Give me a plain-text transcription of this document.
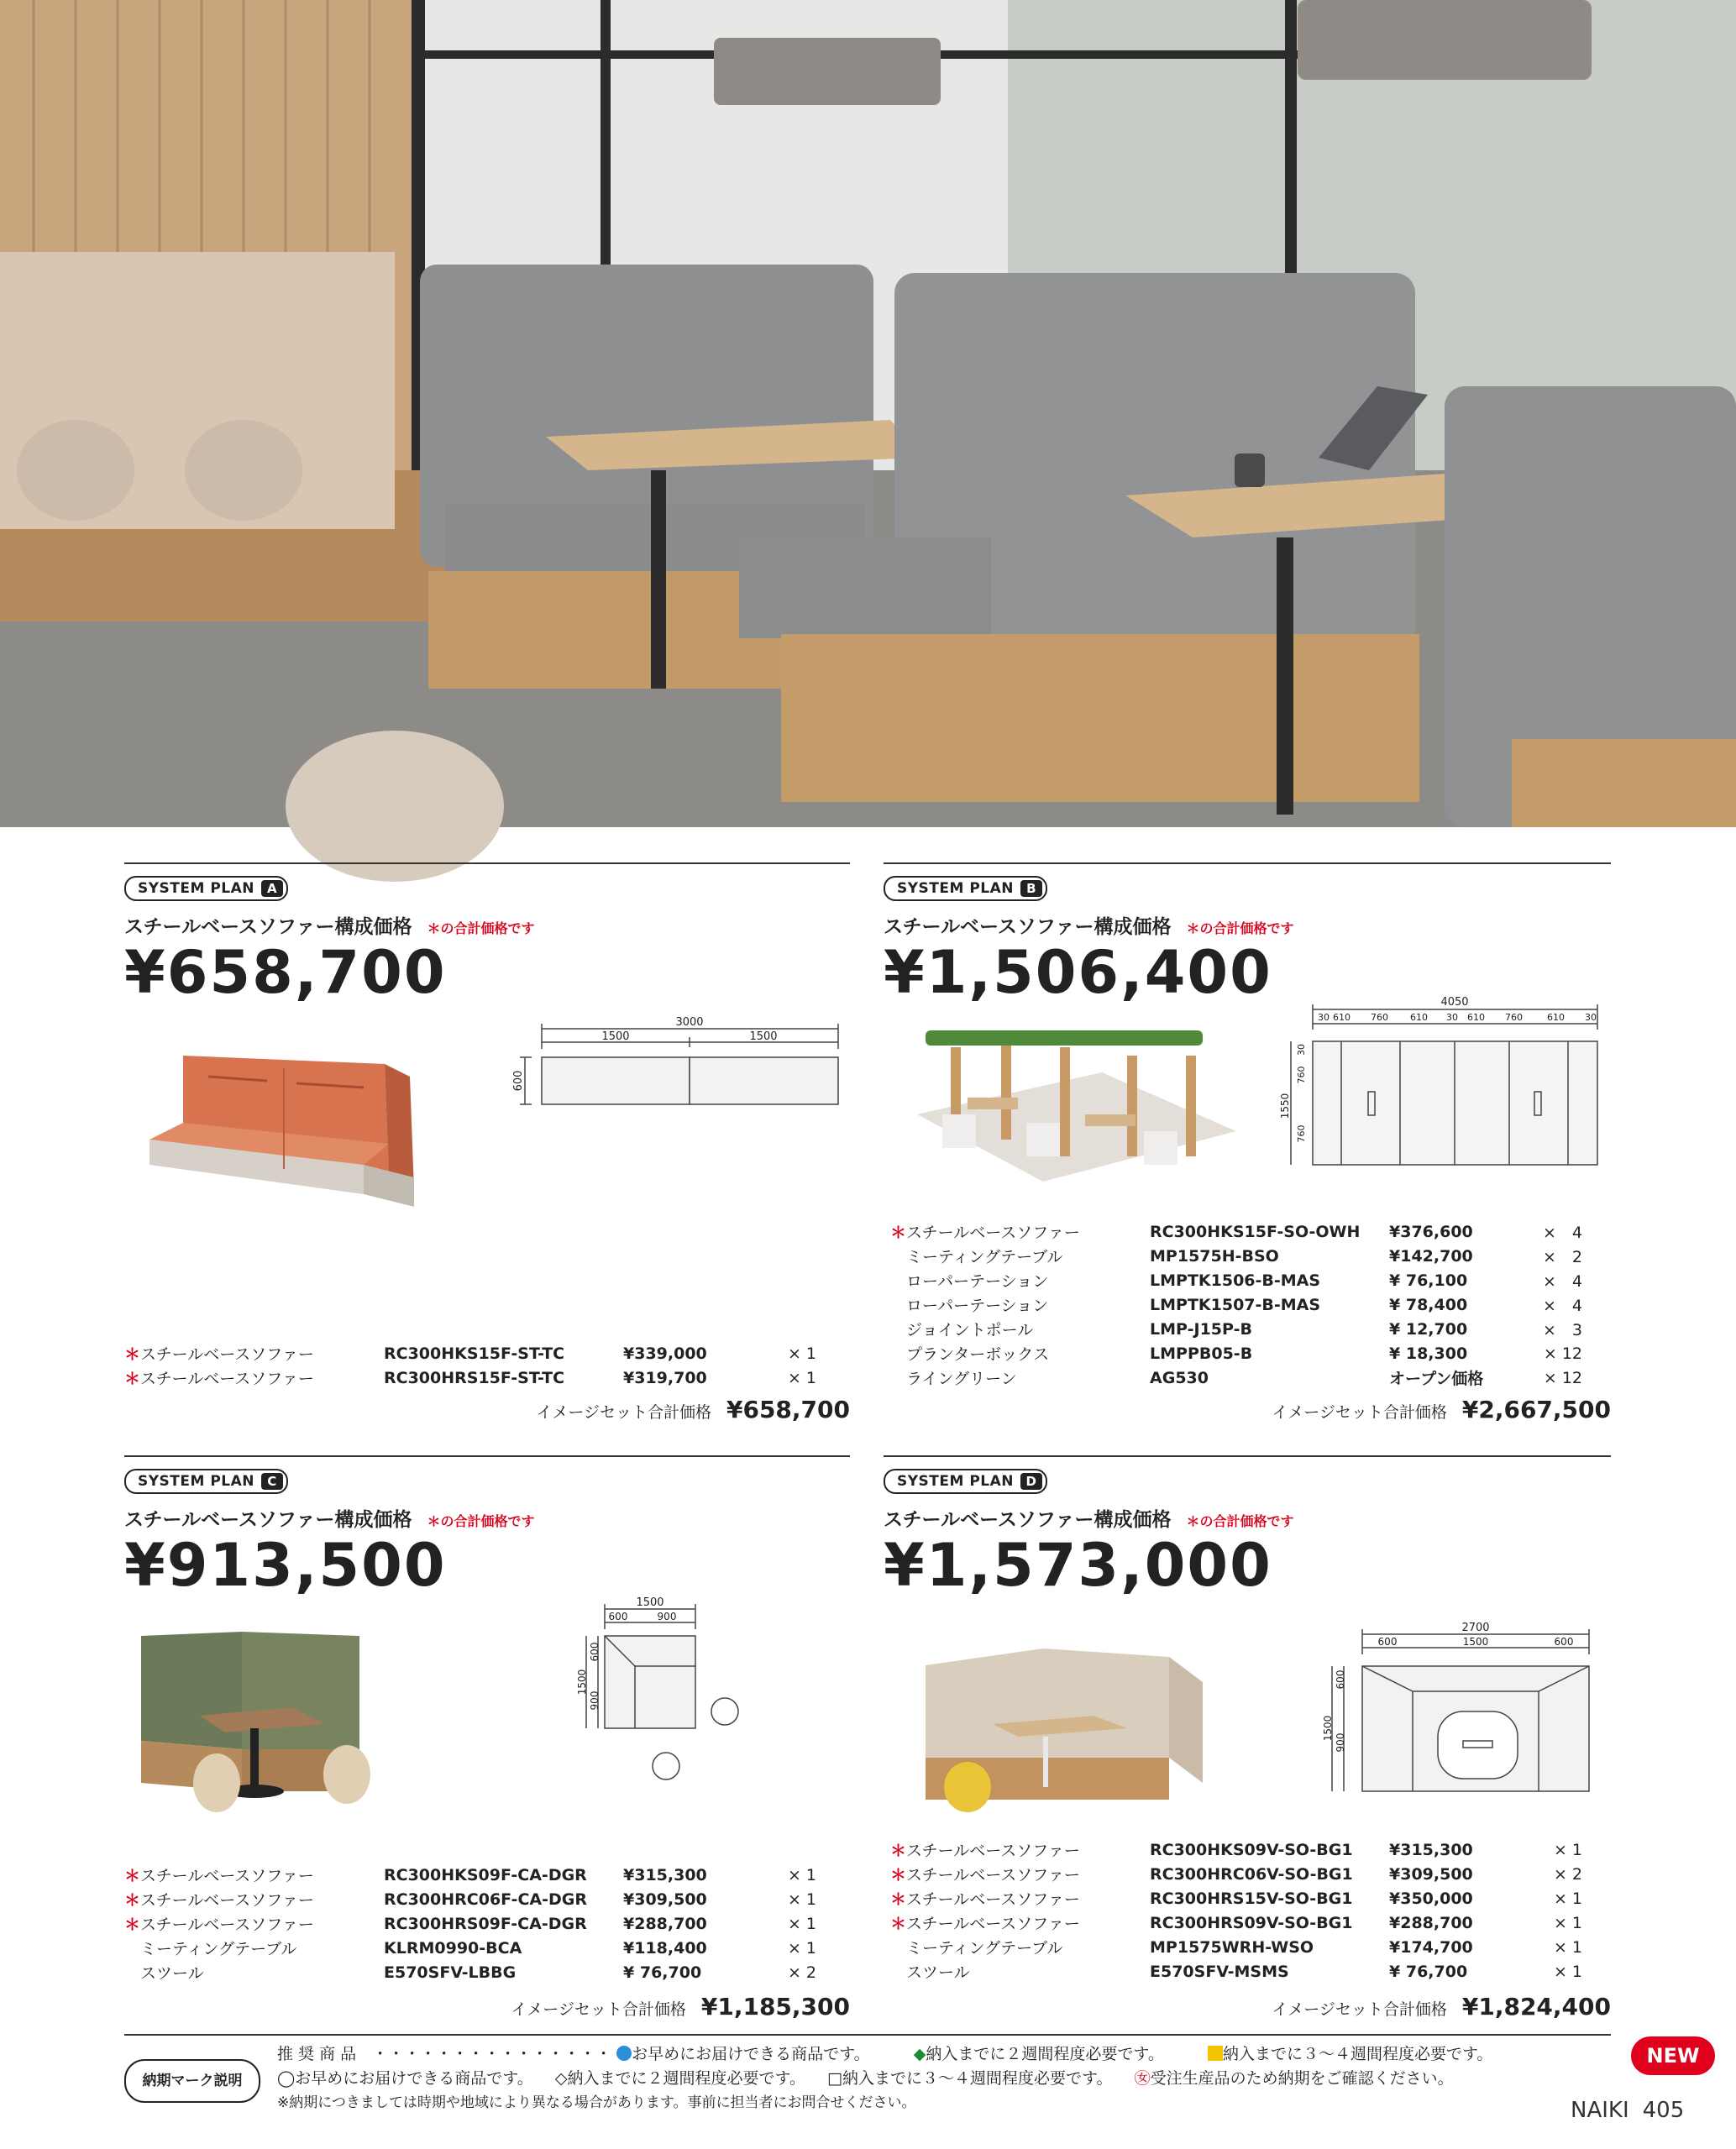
SYSTEM PLAN A
スチールベースソファー構成価格 ＊の合計価格です
¥658,700
3000
1500	1500
600
＊	スチールベースソファー	RC300HKS15F-ST-TC	¥339,000	× 1
＊	スチールベースソファー	RC300HRS15F-ST-TC	¥319,700	× 1
イメージセット合計価格 ¥658,700
SYSTEM PLAN	B
スチールベースソファー構成価格 ＊の合計価格です
¥1,506,400	4050
30 610 760 610 30 610 760	610 30
1550
30
760
760
＊	スチールベースソファー	RC300HKS15F-SO-OWH	¥376,600	×　4
	ミーティングテーブル	MP1575H-BSO	¥142,700	×　2
	ローパーテーション	LMPTK1506-B-MAS	¥ 76,100	×　4
	ローパーテーション	LMPTK1507-B-MAS	¥ 78,400	×　4
	ジョイントポール	LMP-J15P-B	¥ 12,700	×　3
	プランターボックス	LMPPB05-B	¥ 18,300	× 12
	ライングリーン	AG530	オープン価格	× 12
イメージセット合計価格 ¥2,667,500
SYSTEM PLAN	C
スチールベースソファー構成価格 ＊の合計価格です
¥913,500
1500
600	900
1500
600
900
＊	スチールベースソファー	RC300HKS09F-CA-DGR	¥315,300	× 1
＊	スチールベースソファー	RC300HRC06F-CA-DGR	¥309,500	× 1
＊	スチールベースソファー	RC300HRS09F-CA-DGR	¥288,700	× 1
	ミーティングテーブル	KLRM0990-BCA	¥118,400	× 1
	スツール	E570SFV-LBBG	¥ 76,700	× 2
イメージセット合計価格 ¥1,185,300
SYSTEM PLAN D
スチールベースソファー構成価格 ＊の合計価格です
¥1,573,000
2700
600	1500	600
1500
600
900
＊	スチールベースソファー	RC300HKS09V-SO-BG1	¥315,300	× 1
＊	スチールベースソファー	RC300HRC06V-SO-BG1	¥309,500	× 2
＊	スチールベースソファー	RC300HRS15V-SO-BG1	¥350,000	× 1
＊	スチールベースソファー	RC300HRS09V-SO-BG1	¥288,700	× 1
	ミーティングテーブル	MP1575WRH-WSO	¥174,700	× 1
	スツール	E570SFV-MSMS	¥ 76,700	× 1
イメージセット合計価格 ¥1,824,400
納期マーク説明
推 奨 商 品　・・・・・・・・・・・・・・・ お早めにお届けできる商品です。	◆納入までに２週間程度必要です。	納入までに３～４週間程度必要です。
◯お早めにお届けできる商品です。 ◇納入までに２週間程度必要です。 □納入までに３～４週間程度必要です。 ㊛受注生産品のため納期をご確認ください。
※納期につきましては時期や地域により異なる場合があります。事前に担当者にお問合せください。
NEW
NAIKI 405
